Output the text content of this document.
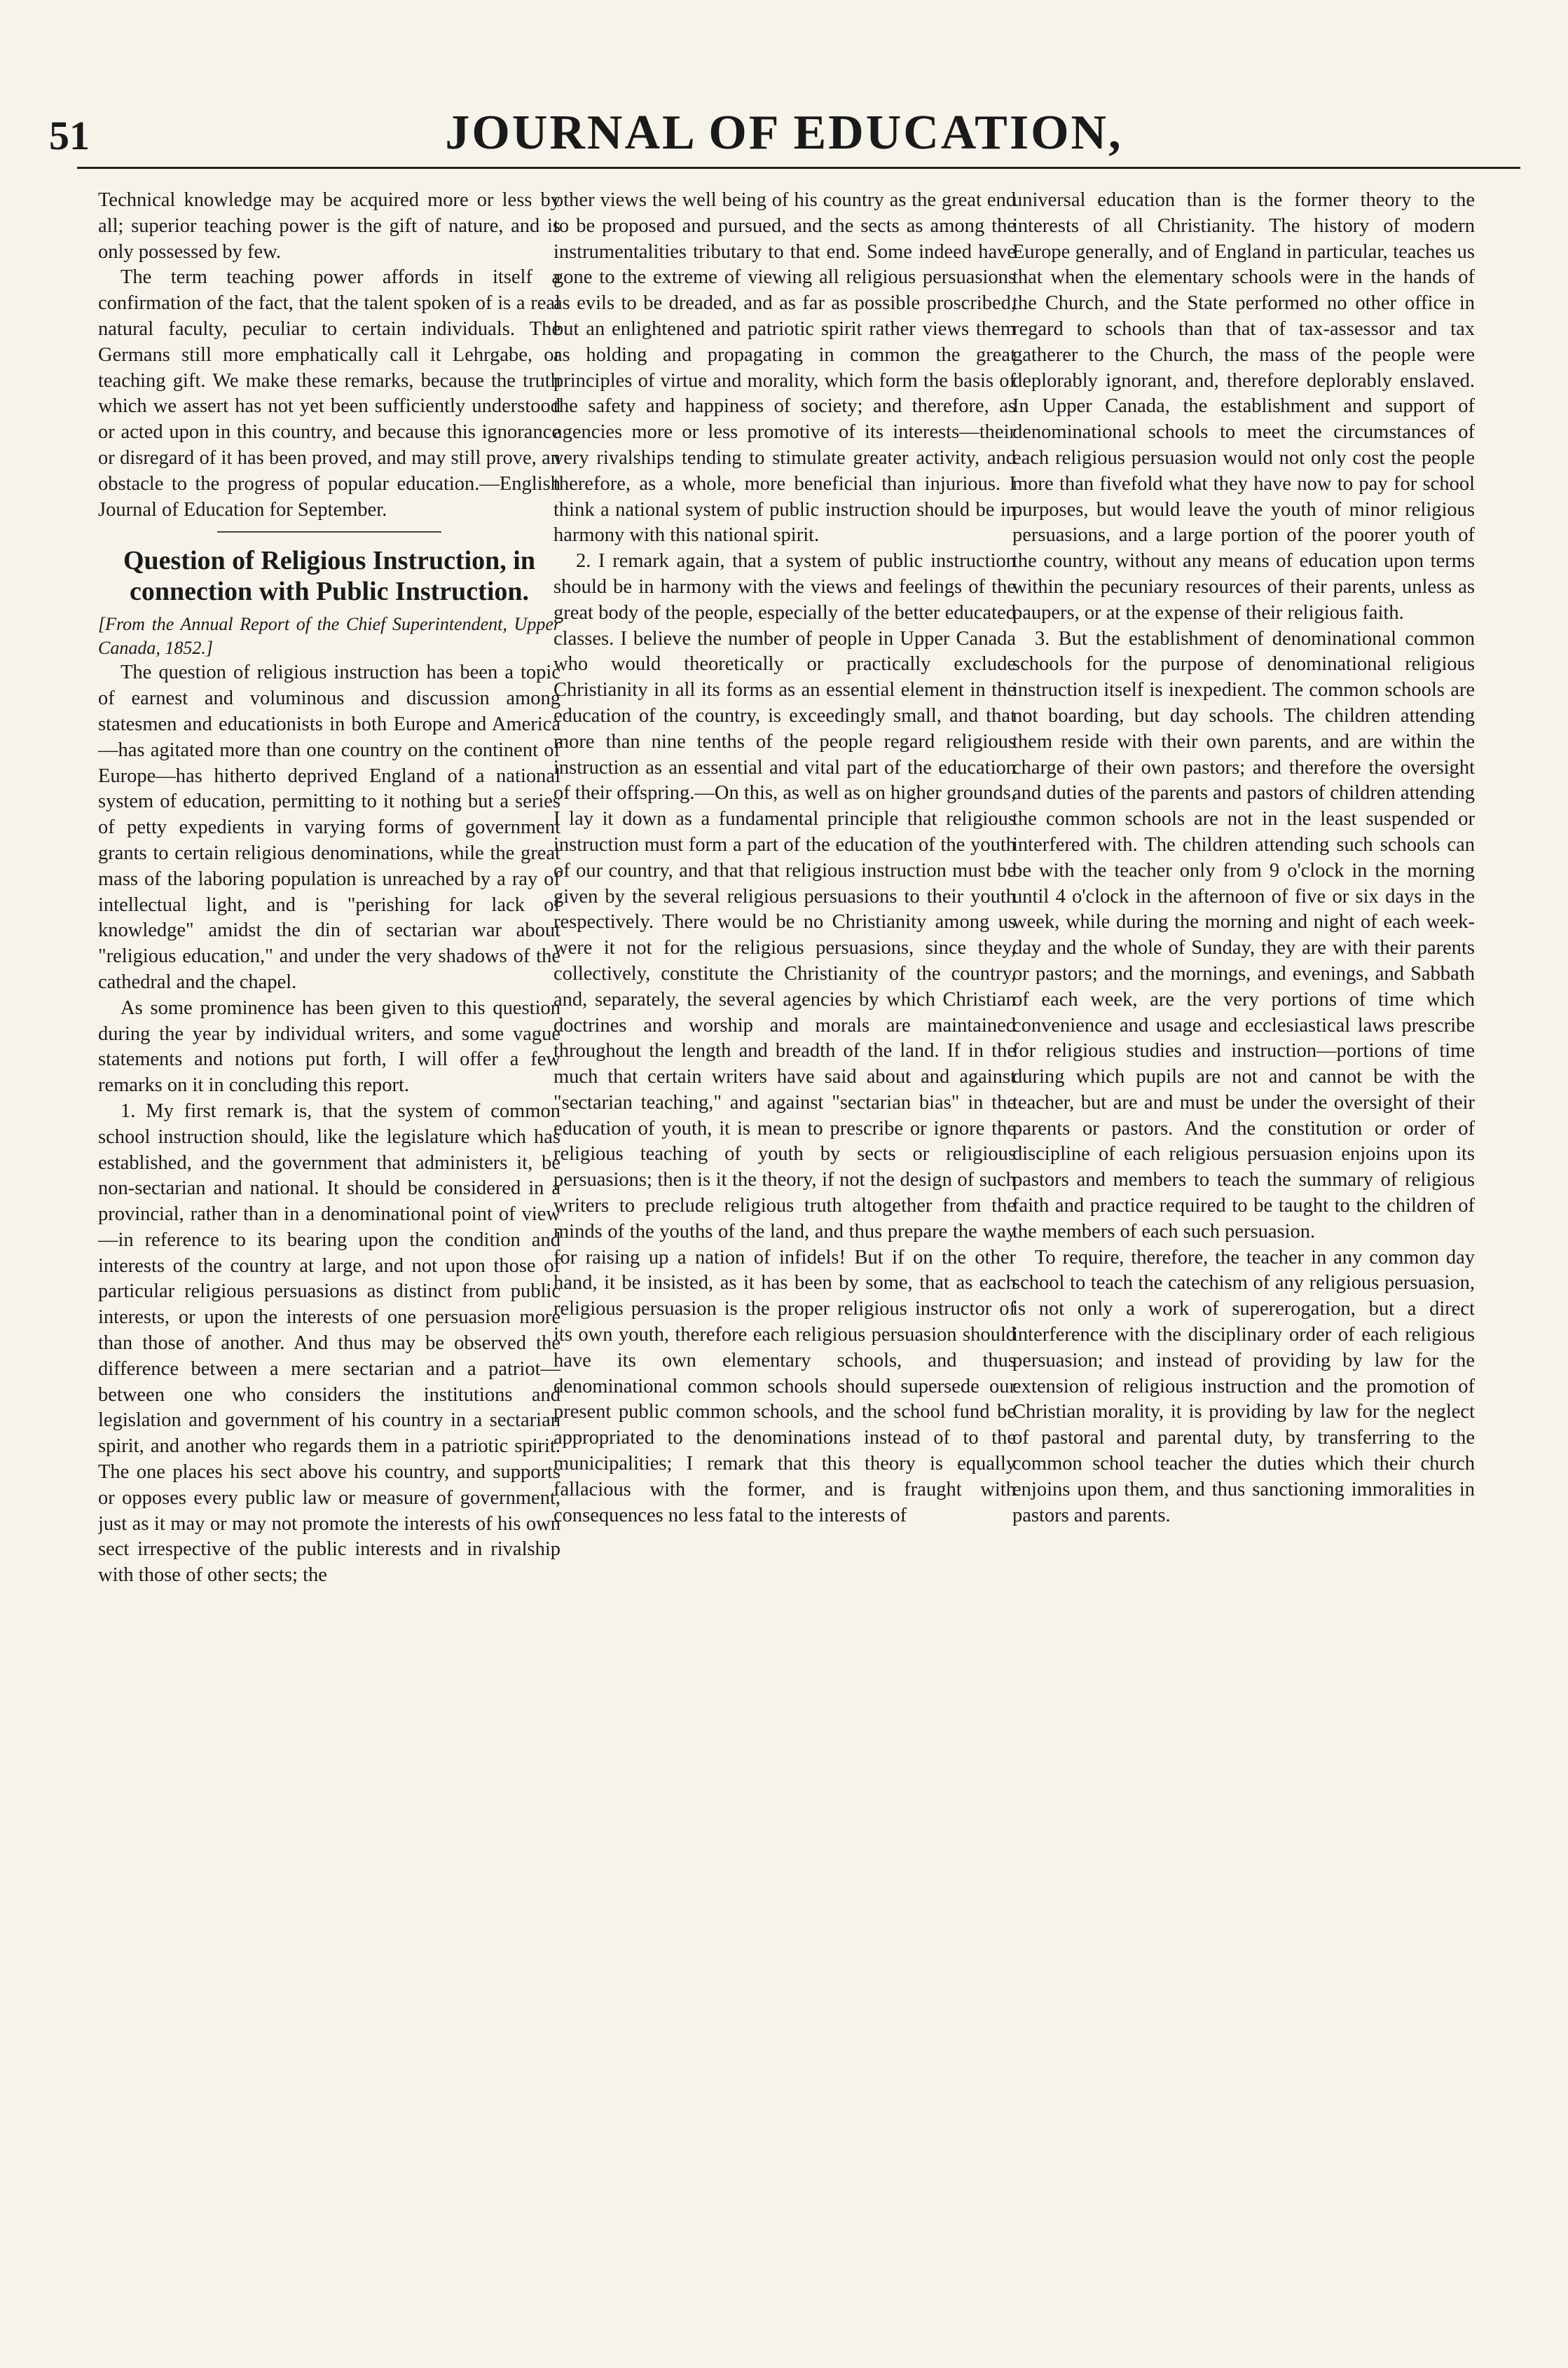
51	JOURNAL OF EDUCATION,

Technical knowledge may be acquired more or less by all; superior teaching power is the gift of nature, and is only possessed by few.

The term teaching power affords in itself a confirmation of the fact, that the talent spoken of is a real natural faculty, peculiar to certain individuals. The Germans still more emphatically call it Lehrgabe, or teaching gift. We make these remarks, because the truth which we assert has not yet been sufficiently understood or acted upon in this country, and because this ignorance or disregard of it has been proved, and may still prove, an obstacle to the progress of popular education.—English Journal of Education for September.

Question of Religious Instruction, in connection with Public Instruction.
[From the Annual Report of the Chief Superintendent, Upper Canada, 1852.]

The question of religious instruction has been a topic of earnest and voluminous and discussion among statesmen and educationists in both Europe and America—has agitated more than one country on the continent of Europe—has hitherto deprived England of a national system of education, permitting to it nothing but a series of petty expedients in varying forms of government grants to certain religious denominations, while the great mass of the laboring population is unreached by a ray of intellectual light, and is "perishing for lack of knowledge" amidst the din of sectarian war about "religious education," and under the very shadows of the cathedral and the chapel.

As some prominence has been given to this question during the year by individual writers, and some vague statements and notions put forth, I will offer a few remarks on it in concluding this report.

1. My first remark is, that the system of common school instruction should, like the legislature which has established, and the government that administers it, be non-sectarian and national. It should be considered in a provincial, rather than in a denominational point of view—in reference to its bearing upon the condition and interests of the country at large, and not upon those of particular religious persuasions as distinct from public interests, or upon the interests of one persuasion more than those of another. And thus may be observed the difference between a mere sectarian and a patriot—between one who considers the institutions and legislation and government of his country in a sectarian spirit, and another who regards them in a patriotic spirit. The one places his sect above his country, and supports or opposes every public law or measure of government, just as it may or may not promote the interests of his own sect irrespective of the public interests and in rivalship with those of other sects; the

other views the well being of his country as the great end to be proposed and pursued, and the sects as among the instrumentalities tributary to that end. Some indeed have gone to the extreme of viewing all religious persuasions as evils to be dreaded, and as far as possible proscribed, but an enlightened and patriotic spirit rather views them as holding and propagating in common the great principles of virtue and morality, which form the basis of the safety and happiness of society; and therefore, as agencies more or less promotive of its interests—their very rivalships tending to stimulate greater activity, and therefore, as a whole, more beneficial than injurious. I think a national system of public instruction should be in harmony with this national spirit.

2. I remark again, that a system of public instruction should be in harmony with the views and feelings of the great body of the people, especially of the better educated classes. I believe the number of people in Upper Canada who would theoretically or practically exclude Christianity in all its forms as an essential element in the education of the country, is exceedingly small, and that more than nine tenths of the people regard religious instruction as an essential and vital part of the education of their offspring.—On this, as well as on higher grounds, I lay it down as a fundamental principle that religious instruction must form a part of the education of the youth of our country, and that that religious instruction must be given by the several religious persuasions to their youth respectively. There would be no Christianity among us were it not for the religious persuasions, since they, collectively, constitute the Christianity of the country, and, separately, the several agencies by which Christian doctrines and worship and morals are maintained throughout the length and breadth of the land. If in the much that certain writers have said about and against "sectarian teaching," and against "sectarian bias" in the education of youth, it is mean to prescribe or ignore the religious teaching of youth by sects or religious persuasions; then is it the theory, if not the design of such writers to preclude religious truth altogether from the minds of the youths of the land, and thus prepare the way for raising up a nation of infidels! But if on the other hand, it be insisted, as it has been by some, that as each religious persuasion is the proper religious instructor of its own youth, therefore each religious persuasion should have its own elementary schools, and thus denominational common schools should supersede our present public common schools, and the school fund be appropriated to the denominations instead of to the municipalities; I remark that this theory is equally fallacious with the former, and is fraught with consequences no less fatal to the interests of

universal education than is the former theory to the interests of all Christianity. The history of modern Europe generally, and of England in particular, teaches us that when the elementary schools were in the hands of the Church, and the State performed no other office in regard to schools than that of tax-assessor and tax gatherer to the Church, the mass of the people were deplorably ignorant, and, therefore deplorably enslaved. In Upper Canada, the establishment and support of denominational schools to meet the circumstances of each religious persuasion would not only cost the people more than fivefold what they have now to pay for school purposes, but would leave the youth of minor religious persuasions, and a large portion of the poorer youth of the country, without any means of education upon terms within the pecuniary resources of their parents, unless as paupers, or at the expense of their religious faith.

3. But the establishment of denominational common schools for the purpose of denominational religious instruction itself is inexpedient. The common schools are not boarding, but day schools. The children attending them reside with their own parents, and are within the charge of their own pastors; and therefore the oversight and duties of the parents and pastors of children attending the common schools are not in the least suspended or interfered with. The children attending such schools can be with the teacher only from 9 o'clock in the morning until 4 o'clock in the afternoon of five or six days in the week, while during the morning and night of each week-day and the whole of Sunday, they are with their parents or pastors; and the mornings, and evenings, and Sabbath of each week, are the very portions of time which convenience and usage and ecclesiastical laws prescribe for religious studies and instruction—portions of time during which pupils are not and cannot be with the teacher, but are and must be under the oversight of their parents or pastors. And the constitution or order of discipline of each religious persuasion enjoins upon its pastors and members to teach the summary of religious faith and practice required to be taught to the children of the members of each such persuasion.

To require, therefore, the teacher in any common day school to teach the catechism of any religious persuasion, is not only a work of supererogation, but a direct interference with the disciplinary order of each religious persuasion; and instead of providing by law for the extension of religious instruction and the promotion of Christian morality, it is providing by law for the neglect of pastoral and parental duty, by transferring to the common school teacher the duties which their church enjoins upon them, and thus sanctioning immoralities in pastors and parents.
